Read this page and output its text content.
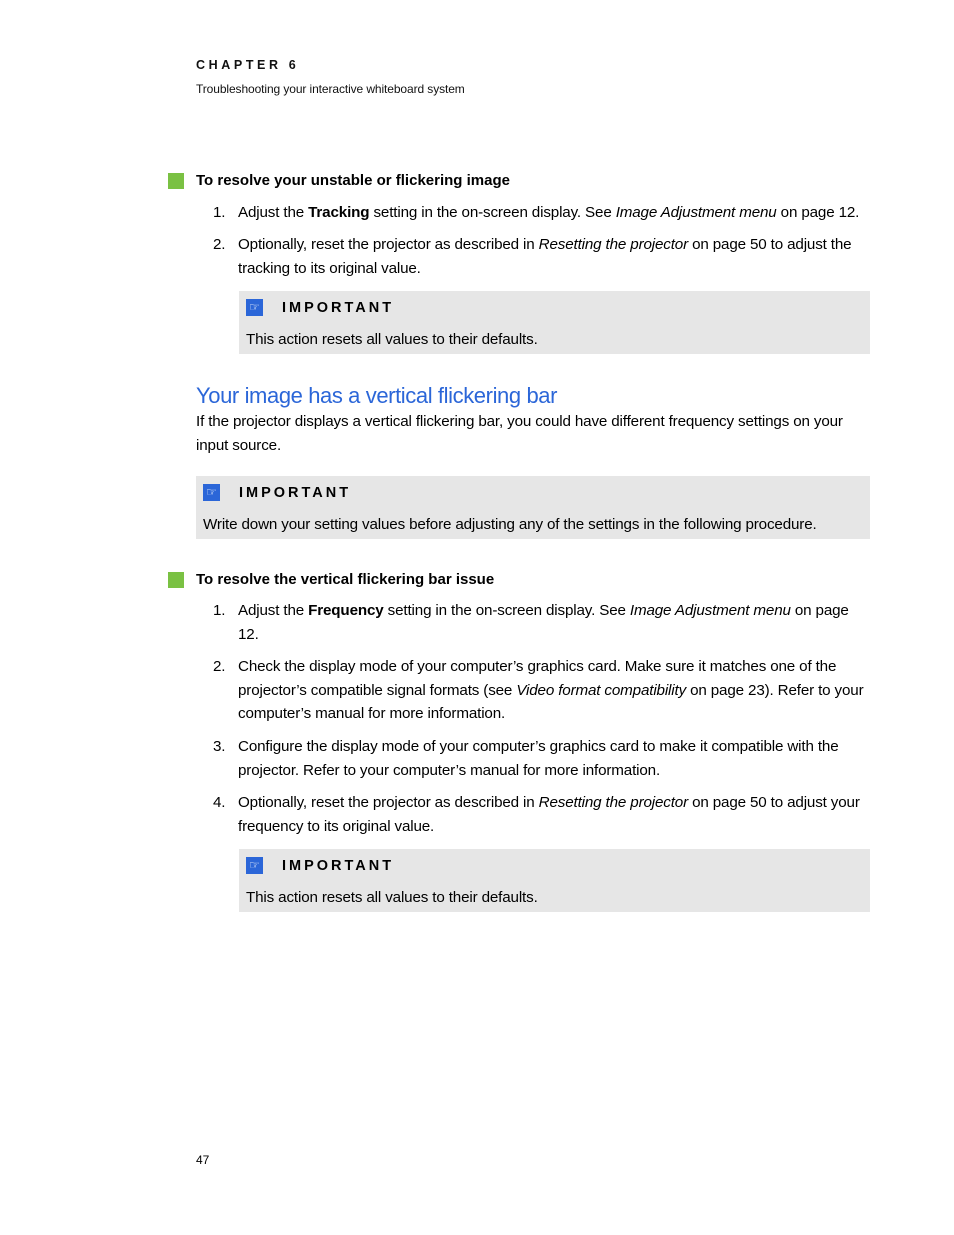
CHAPTER 6
Troubleshooting your interactive whiteboard system
To resolve your unstable or flickering image
1. Adjust the Tracking setting in the on-screen display. See Image Adjustment menu on page 12.
2. Optionally, reset the projector as described in Resetting the projector on page 50 to adjust the tracking to its original value.
☞ IMPORTANT
This action resets all values to their defaults.
Your image has a vertical flickering bar
If the projector displays a vertical flickering bar, you could have different frequency settings on your input source.
☞ IMPORTANT
Write down your setting values before adjusting any of the settings in the following procedure.
To resolve the vertical flickering bar issue
1. Adjust the Frequency setting in the on-screen display. See Image Adjustment menu on page 12.
2. Check the display mode of your computer’s graphics card. Make sure it matches one of the projector’s compatible signal formats (see Video format compatibility on page 23). Refer to your computer’s manual for more information.
3. Configure the display mode of your computer’s graphics card to make it compatible with the projector. Refer to your computer’s manual for more information.
4. Optionally, reset the projector as described in Resetting the projector on page 50 to adjust your frequency to its original value.
☞ IMPORTANT
This action resets all values to their defaults.
47
